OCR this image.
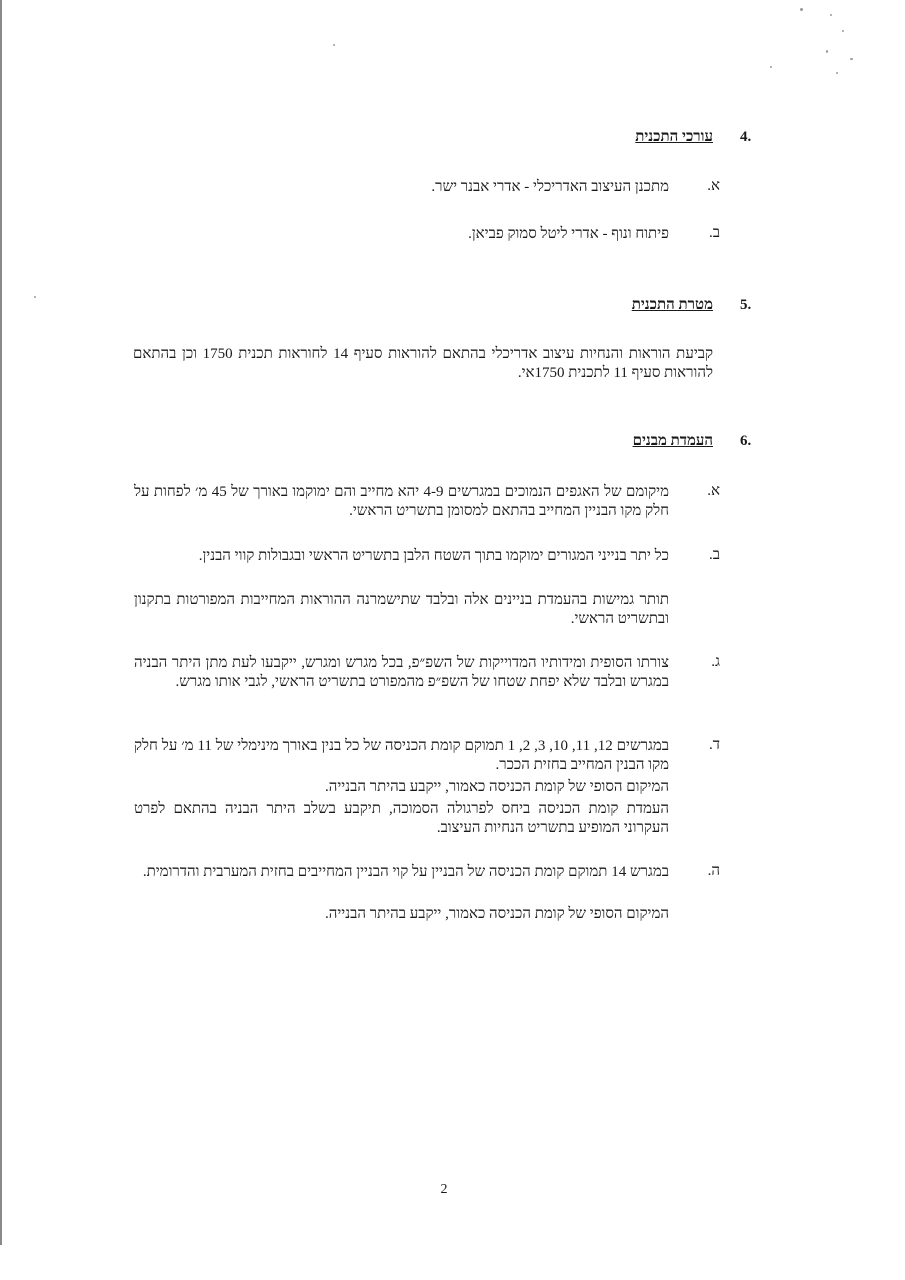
4.
עורכי התכנית
א.
מתכנן העיצוב האדריכלי - אדרי אבנר ישר.
ב.
פיתוח ונוף - אדרי ליטל סמוק פביאן.
5.
מטרת התכנית

קביעת הוראות והנחיות עיצוב אדריכלי בהתאם להוראות סעיף 14 לחוראות תכנית 1750 וכן בהתאם להוראות סעיף 11 לתכנית 1750אי.

6.
העמדת מבנים
א.

מיקומם של האגפים הנמוכים במגרשים 4-9 יהא מחייב והם ימוקמו באורך של 45 מ׳ לפחות על חלק מקו הבניין המחייב בהתאם למסומן בתשריט הראשי.

ב.

כל יתר בנייני המגורים ימוקמו בתוך השטח הלבן בתשריט הראשי ובגבולות קווי הבנין.

תותר גמישות בהעמדת בניינים אלה ובלבד שתישמרנה ההוראות המחייבות המפורטות בתקנון ובתשריט הראשי.

ג.

צורתו הסופית ומידותיו המדוייקות של השפ״פ, בכל מגרש ומגרש, ייקבעו לעת מתן היתר הבניה במגרש ובלבד שלא יפחת שטחו של השפ״פ מהמפורט בתשריט הראשי, לגבי אותו מגרש.

ד.

במגרשים 12, 11, 10, 3, 2, 1 תמוקם קומת הכניסה של כל בנין באורך מינימלי של 11 מ׳ על חלק מקו הבנין המחייב בחזית הככר.

המיקום הסופי של קומת הכניסה כאמור, ייקבע בהיתר הבנייה.

העמדת קומת הכניסה ביחס לפרגולה הסמוכה, תיקבע בשלב היתר הבניה בהתאם לפרט העקרוני המופיע בתשריט הנחיות העיצוב.

ה.

במגרש 14 תמוקם קומת הכניסה של הבניין על קוי הבניין המחייבים בחזית המערבית והדרומית.

המיקום הסופי של קומת הכניסה כאמור, ייקבע בהיתר הבנייה.

2
